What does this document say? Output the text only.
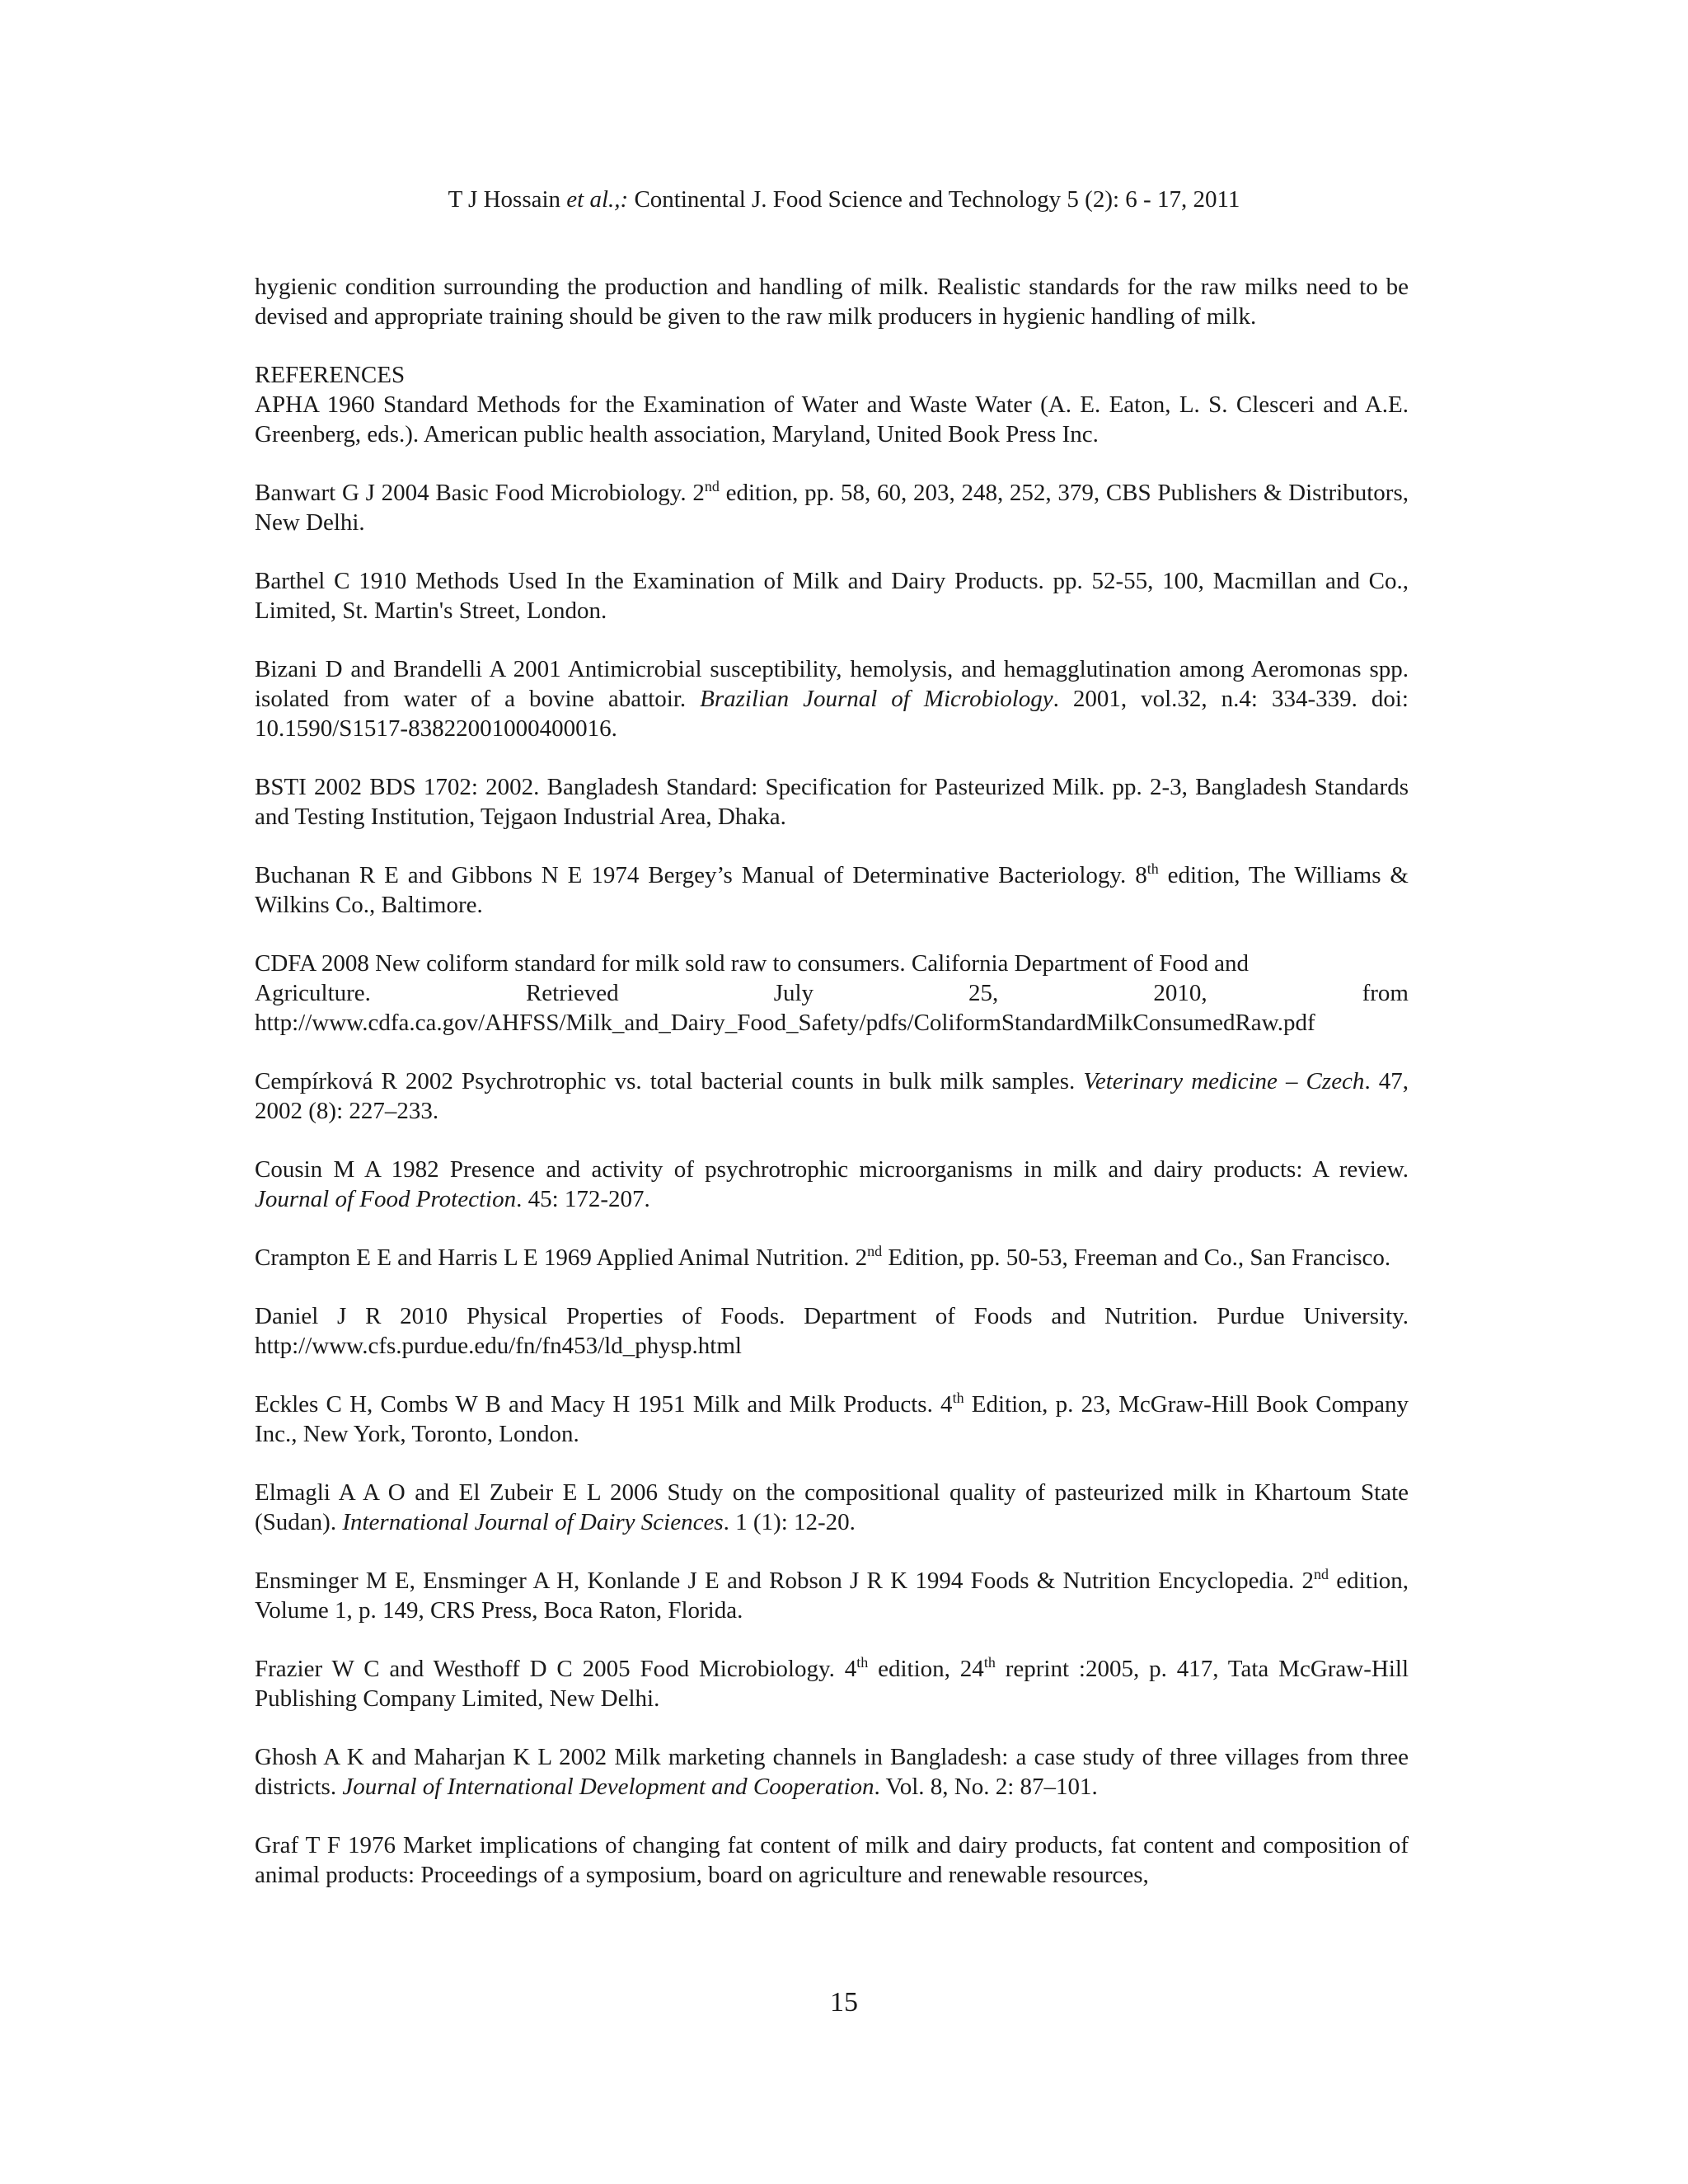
T J Hossain et al.,: Continental J. Food Science and Technology 5 (2): 6 - 17, 2011

hygienic condition surrounding the production and handling of milk. Realistic standards for the raw milks need to be devised and appropriate training should be given to the raw milk producers in hygienic handling of milk.

REFERENCES

APHA 1960 Standard Methods for the Examination of Water and Waste Water (A. E. Eaton, L. S. Clesceri and A.E. Greenberg, eds.). American public health association, Maryland, United Book Press Inc.

Banwart G J 2004 Basic Food Microbiology. 2nd edition, pp. 58, 60, 203, 248, 252, 379, CBS Publishers & Distributors, New Delhi.

Barthel C 1910 Methods Used In the Examination of Milk and Dairy Products. pp. 52-55, 100, Macmillan and Co., Limited, St. Martin's Street, London.

Bizani D and Brandelli A 2001 Antimicrobial susceptibility, hemolysis, and hemagglutination among Aeromonas spp. isolated from water of a bovine abattoir. Brazilian Journal of Microbiology. 2001, vol.32, n.4: 334-339. doi: 10.1590/S1517-83822001000400016.

BSTI 2002 BDS 1702: 2002. Bangladesh Standard: Specification for Pasteurized Milk. pp. 2-3, Bangladesh Standards and Testing Institution, Tejgaon Industrial Area, Dhaka.

Buchanan R E and Gibbons N E 1974 Bergey’s Manual of Determinative Bacteriology. 8th edition, The Williams & Wilkins Co., Baltimore.

CDFA 2008 New coliform standard for milk sold raw to consumers. California Department of Food and
Agriculture.	Retrieved	July	25,	2010,	from
http://www.cdfa.ca.gov/AHFSS/Milk_and_Dairy_Food_Safety/pdfs/ColiformStandardMilkConsumedRaw.pdf

Cempírková R 2002 Psychrotrophic vs. total bacterial counts in bulk milk samples. Veterinary medicine – Czech. 47, 2002 (8): 227–233.

Cousin M A 1982 Presence and activity of psychrotrophic microorganisms in milk and dairy products: A review. Journal of Food Protection. 45: 172-207.

Crampton E E and Harris L E 1969 Applied Animal Nutrition. 2nd Edition, pp. 50-53, Freeman and Co., San Francisco.

Daniel J R 2010 Physical Properties of Foods. Department of Foods and Nutrition. Purdue University. http://www.cfs.purdue.edu/fn/fn453/ld_physp.html

Eckles C H, Combs W B and Macy H 1951 Milk and Milk Products. 4th Edition, p. 23, McGraw-Hill Book Company Inc., New York, Toronto, London.

Elmagli A A O and El Zubeir E L 2006 Study on the compositional quality of pasteurized milk in Khartoum State (Sudan). International Journal of Dairy Sciences. 1 (1): 12-20.

Ensminger M E, Ensminger A H, Konlande J E and Robson J R K 1994 Foods & Nutrition Encyclopedia. 2nd edition, Volume 1, p. 149, CRS Press, Boca Raton, Florida.

Frazier W C and Westhoff D C 2005 Food Microbiology. 4th edition, 24th reprint :2005, p. 417, Tata McGraw-Hill Publishing Company Limited, New Delhi.

Ghosh A K and Maharjan K L 2002 Milk marketing channels in Bangladesh: a case study of three villages from three districts. Journal of International Development and Cooperation. Vol. 8, No. 2: 87–101.

Graf T F 1976 Market implications of changing fat content of milk and dairy products, fat content and composition of animal products: Proceedings of a symposium, board on agriculture and renewable resources,

15
